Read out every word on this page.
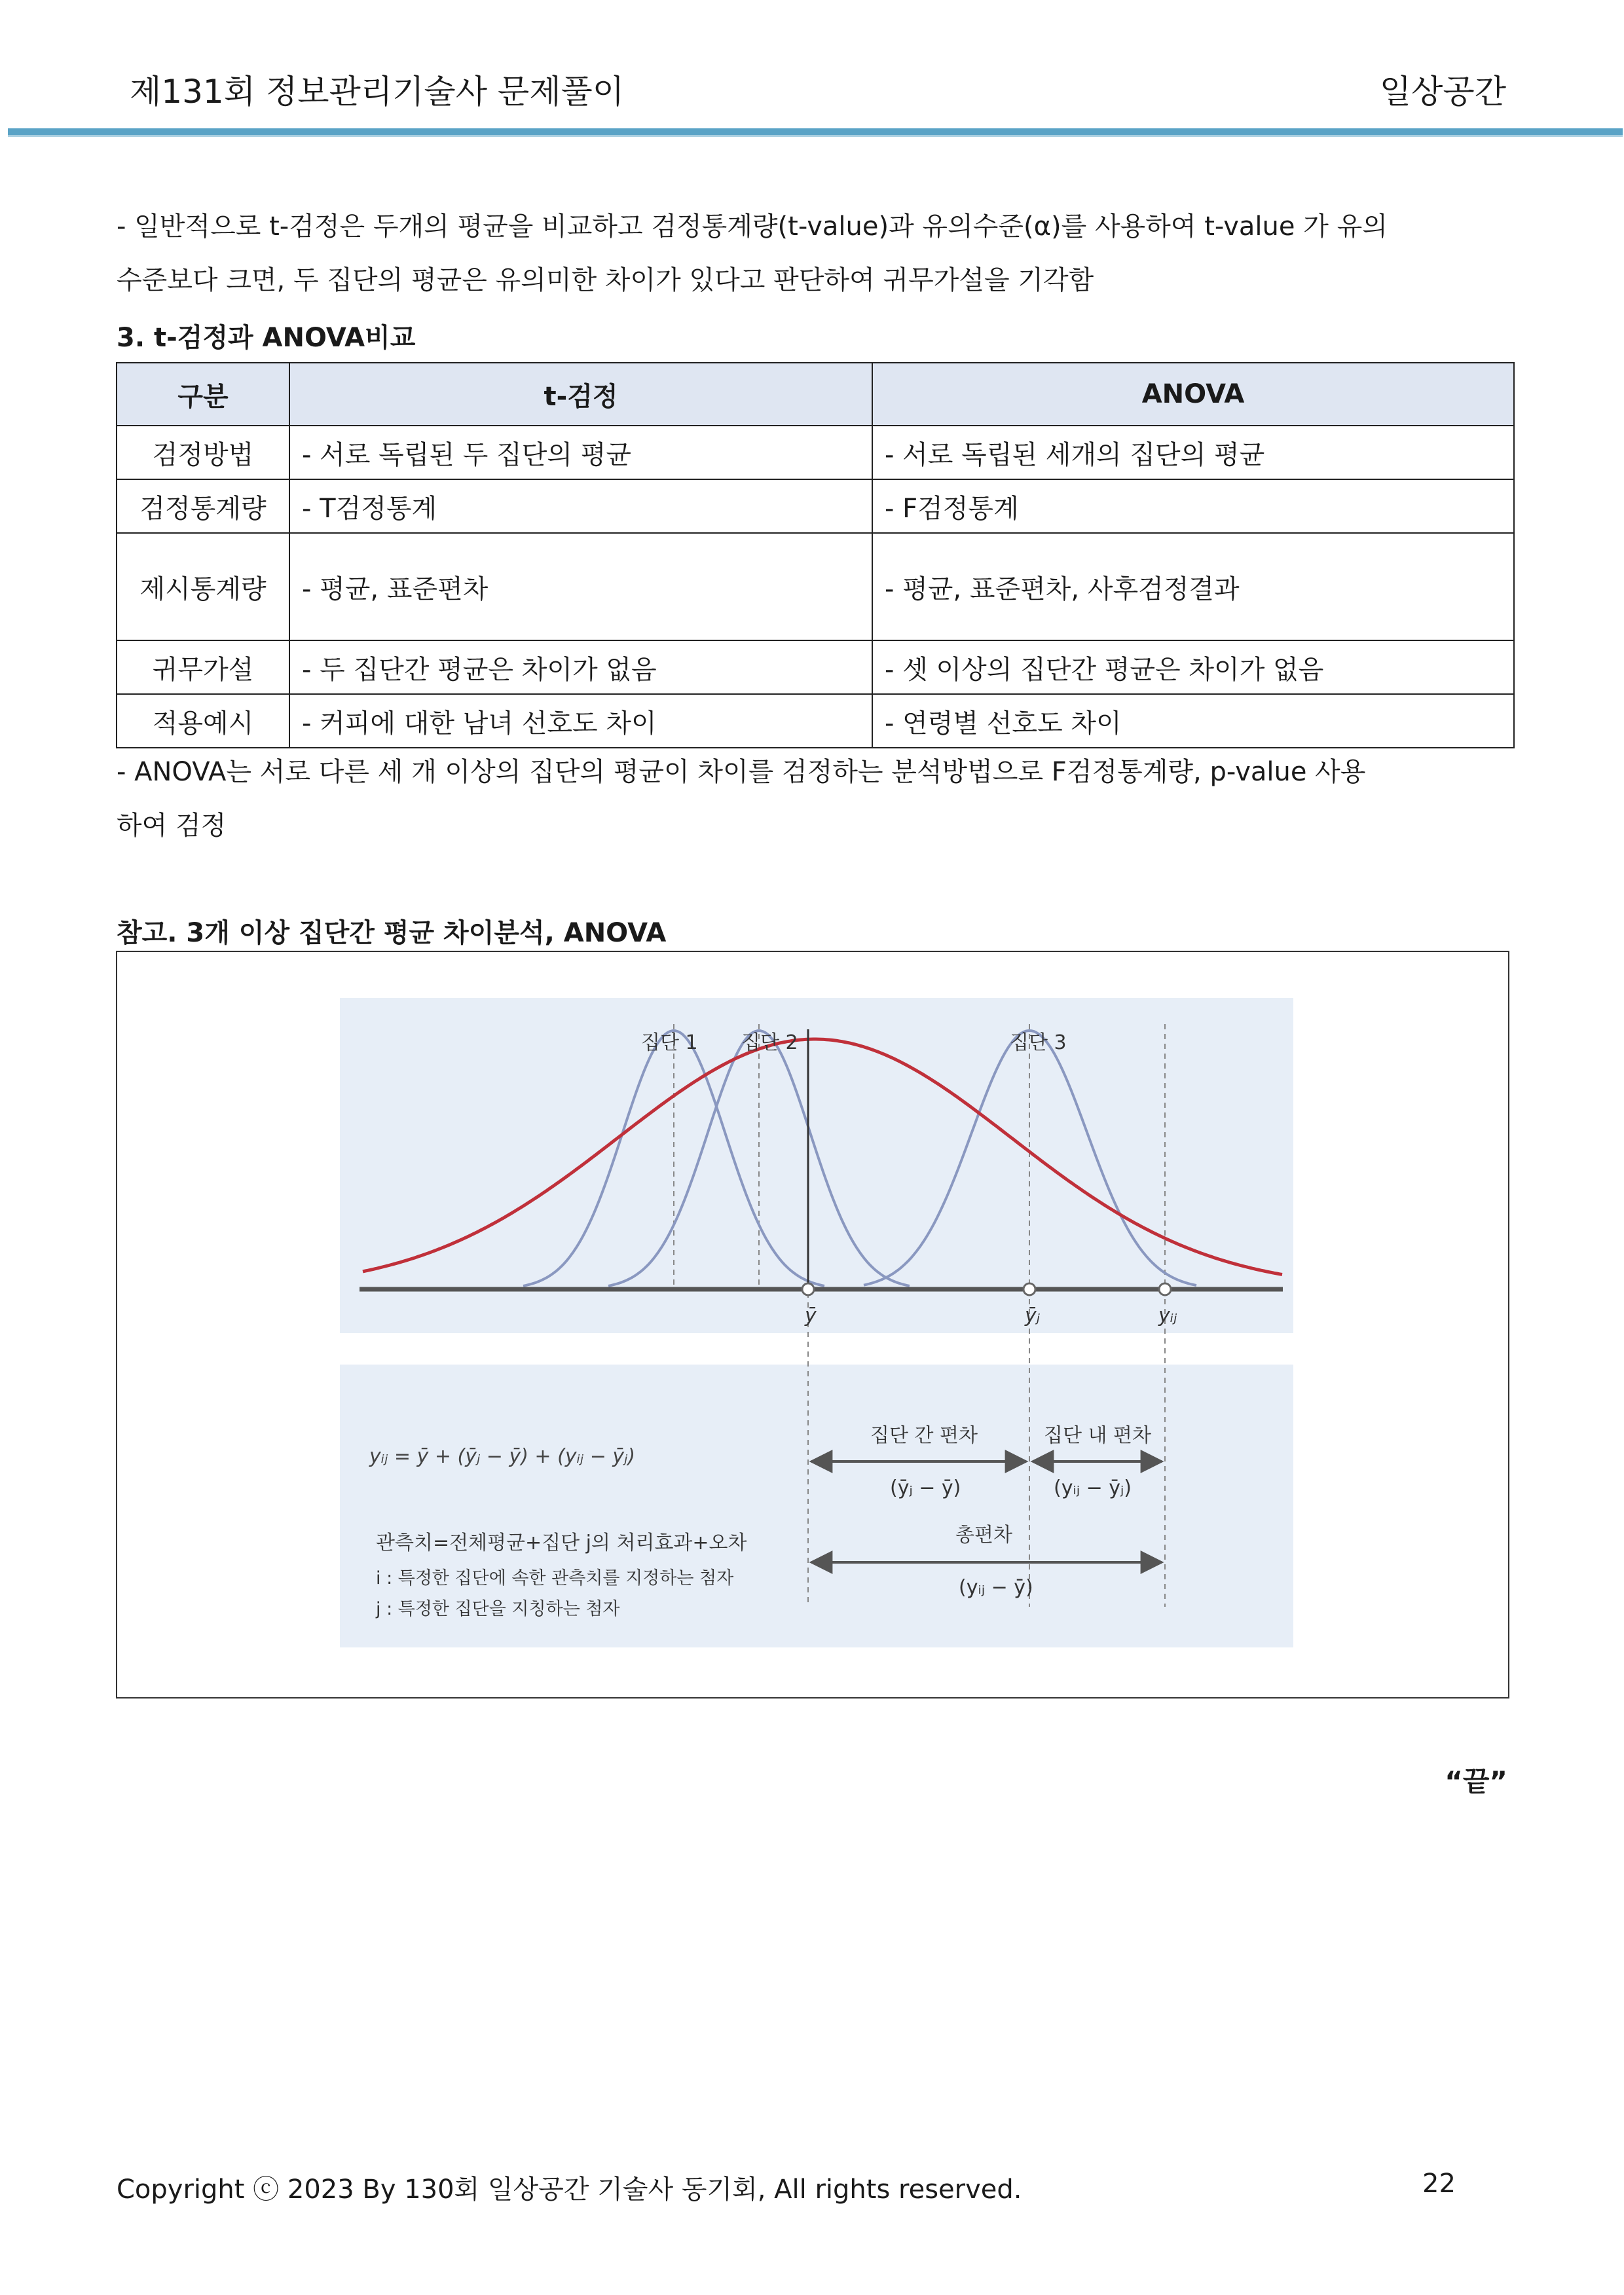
제131회 정보관리기술사 문제풀이	일상공간
- 일반적으로 t-검정은 두개의 평균을 비교하고 검정통계량(t-value)과 유의수준(α)를 사용하여 t-value 가 유의
수준보다 크면, 두 집단의 평균은 유의미한 차이가 있다고 판단하여 귀무가설을 기각함
3. t-검정과 ANOVA비교
구분	t-검정	ANOVA
검정방법	- 서로 독립된 두 집단의 평균	- 서로 독립된 세개의 집단의 평균
검정통계량	- T검정통계	- F검정통계
제시통계량	- 평균, 표준편차	- 평균, 표준편차, 사후검정결과
귀무가설	- 두 집단간 평균은 차이가 없음	- 셋 이상의 집단간 평균은 차이가 없음
적용예시	- 커피에 대한 남녀 선호도 차이	- 연령별 선호도 차이
- ANOVA는 서로 다른 세 개 이상의 집단의 평균이 차이를 검정하는 분석방법으로 F검정통계량, p-value 사용
하여 검정
참고. 3개 이상 집단간 평균 차이분석, ANOVA
ȳ	ȳⱼ	yᵢⱼ
집단 1 집단 2	집단 3
집단 간 편차
(ȳⱼ − ȳ)
집단 내 편차
(yᵢⱼ − ȳⱼ)
총편차
(yᵢⱼ − ȳ)
yᵢⱼ = ȳ + (ȳⱼ − ȳ) + (yᵢⱼ − ȳⱼ)
관측치=전체평균+집단 j의 처리효과+오차
i : 특정한 집단에 속한 관측치를 지정하는 첨자
j : 특정한 집단을 지칭하는 첨자
“끝”
Copyright ⓒ 2023 By 130회 일상공간 기술사 동기회, All rights reserved.	22
